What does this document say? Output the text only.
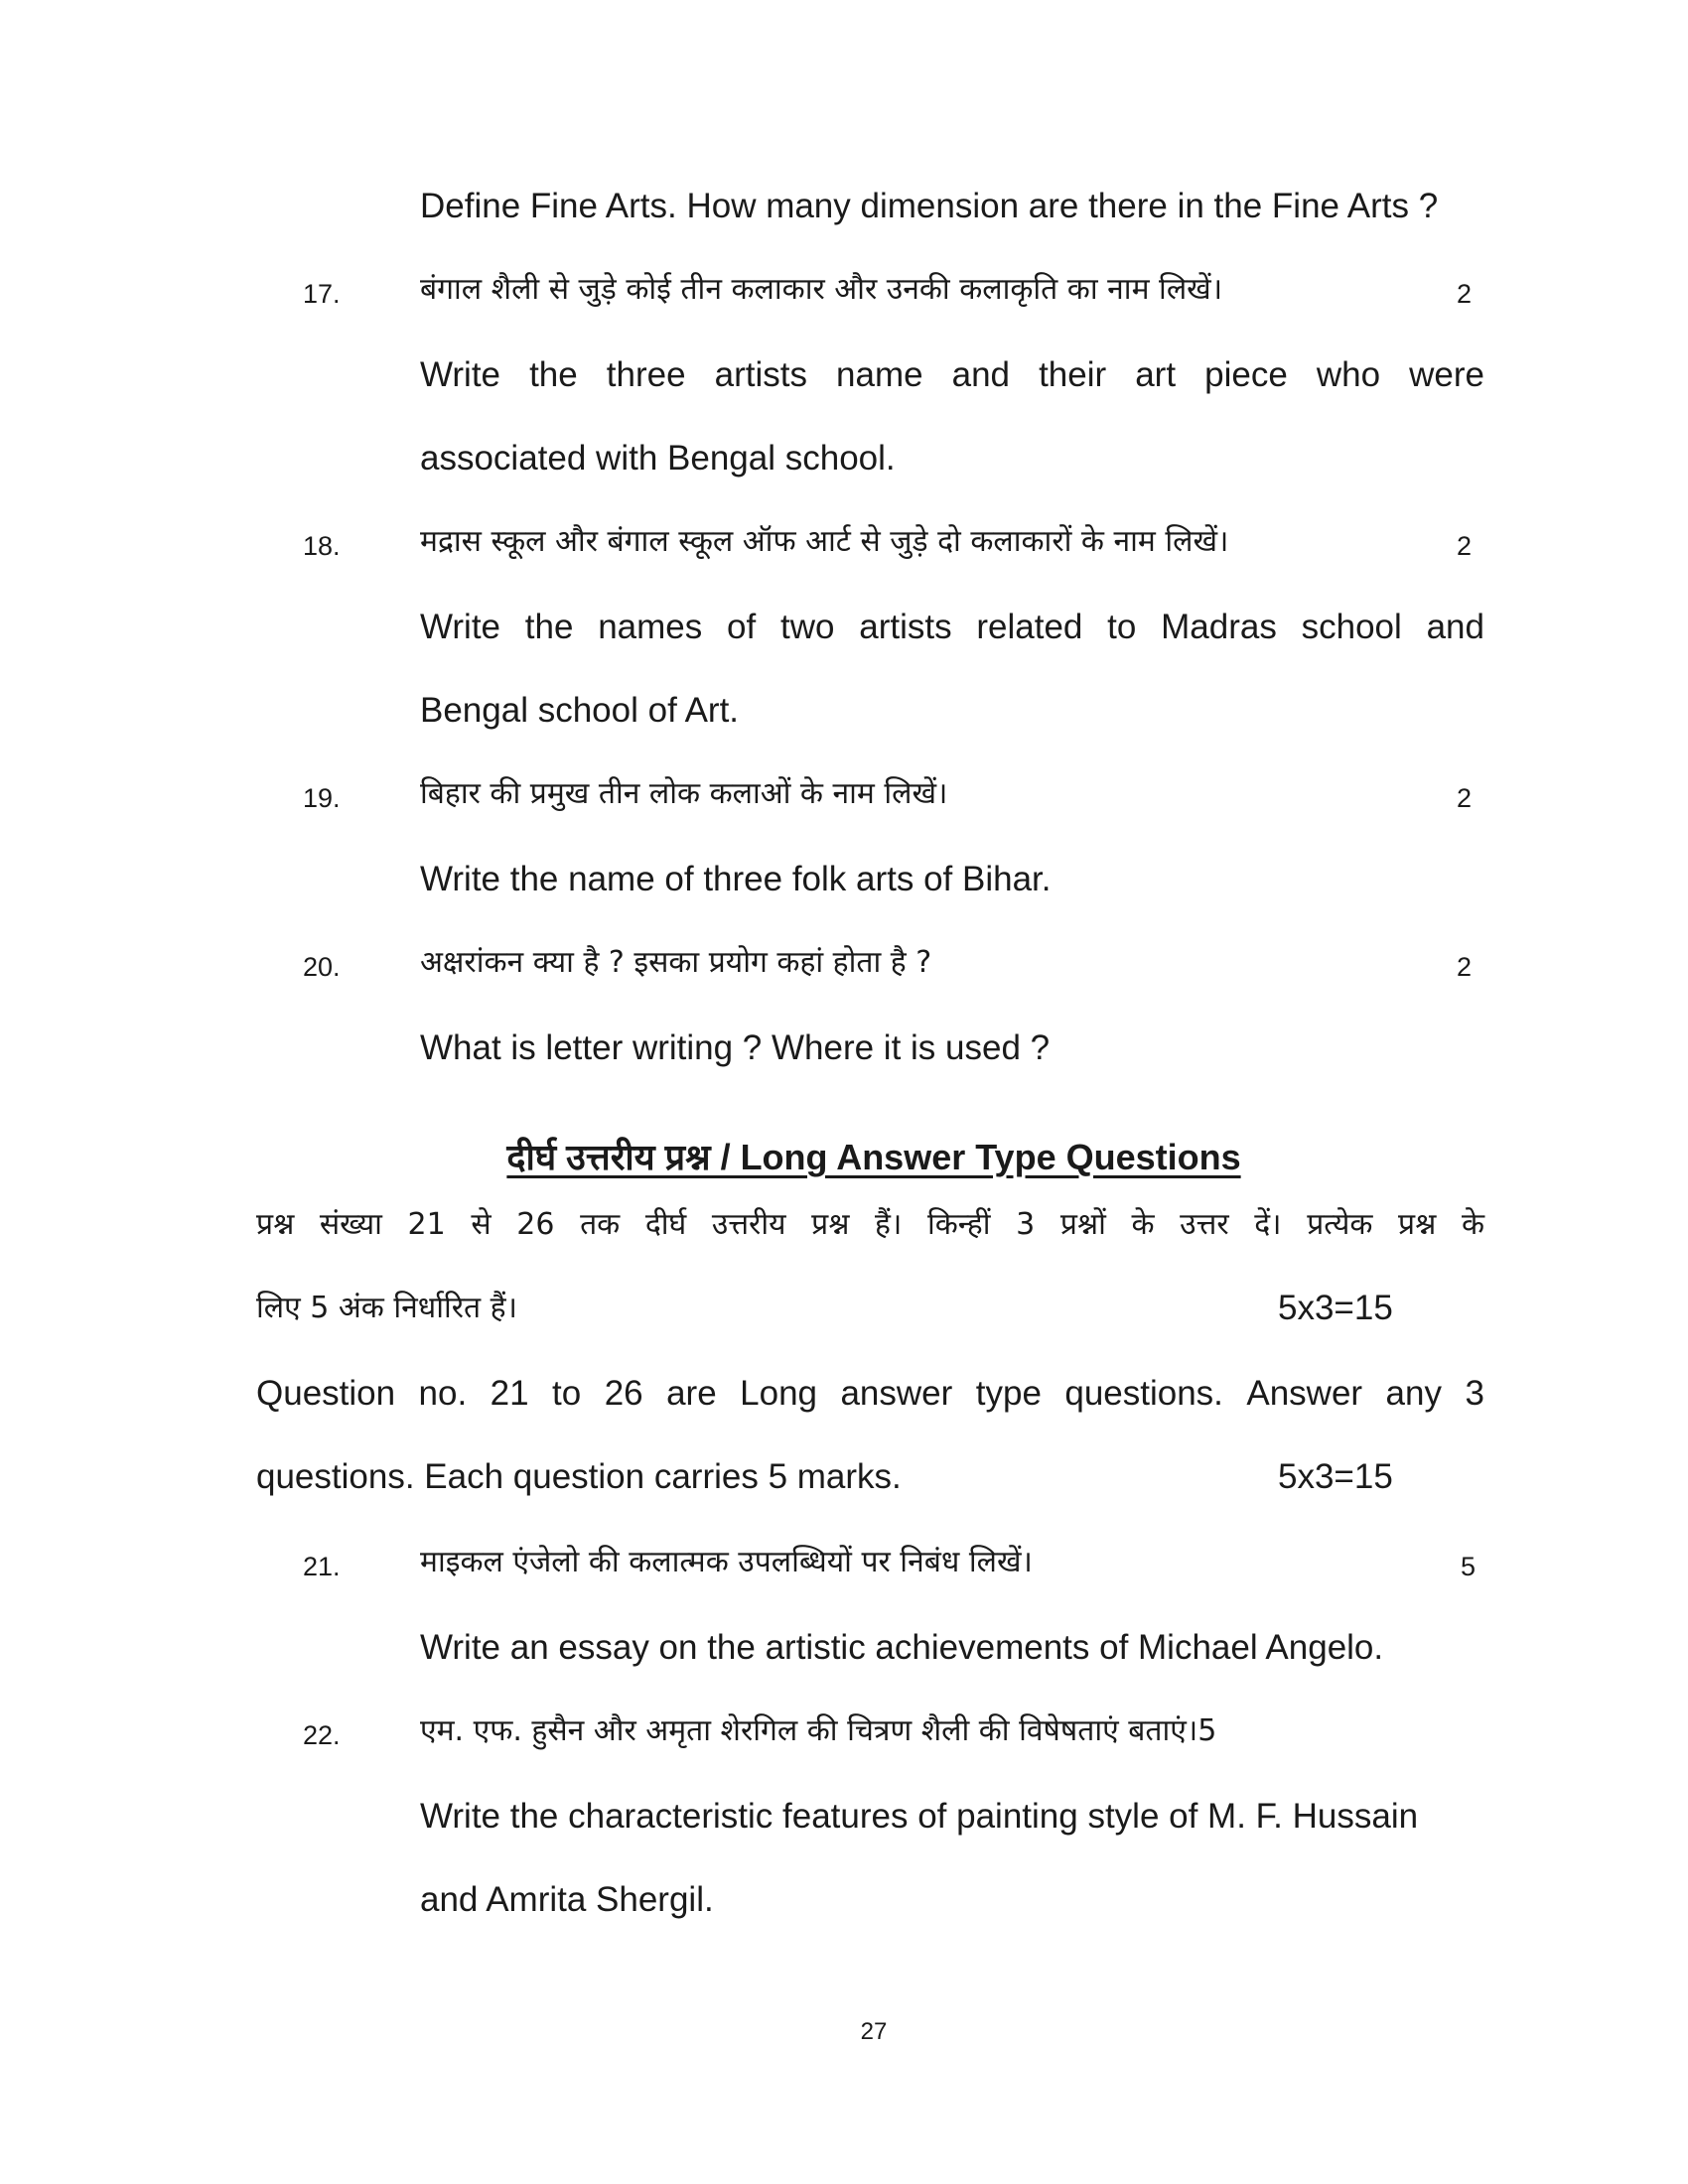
Define Fine Arts. How many dimension are there in the Fine Arts ?
17.	बंगाल शैली से जुड़े कोई तीन कलाकार और उनकी कलाकृति का नाम लिखें।	2
Write the three artists name and their art piece who were
associated with Bengal school.
18.	मद्रास स्कूल और बंगाल स्कूल ऑफ आर्ट से जुड़े दो कलाकारों के नाम लिखें।	2
Write the names of two artists related to Madras school and
Bengal school of Art.
19.	बिहार की प्रमुख तीन लोक कलाओं के नाम लिखें।	2
Write the name of three folk arts of Bihar.
20.	अक्षरांकन क्या है ? इसका प्रयोग कहां होता है ?	2
What is letter writing ? Where it is used ?
दीर्घ उत्तरीय प्रश्न / Long Answer Type Questions
प्रश्न संख्या 21 से 26 तक दीर्घ उत्तरीय प्रश्न हैं। किन्हीं 3 प्रश्नों के उत्तर दें। प्रत्येक प्रश्न के
लिए 5 अंक निर्धारित हैं।	5x3=15
Question no. 21 to 26 are Long answer type questions. Answer any 3
questions. Each question carries 5 marks.	5x3=15
21.	माइकल एंजेलो की कलात्मक उपलब्धियों पर निबंध लिखें।	5
Write an essay on the artistic achievements of Michael Angelo.
22.	एम. एफ. हुसैन और अमृता शेरगिल की चित्रण शैली की विषेषताएं बताएं।5
Write the characteristic features of painting style of M. F. Hussain
and Amrita Shergil.
27
